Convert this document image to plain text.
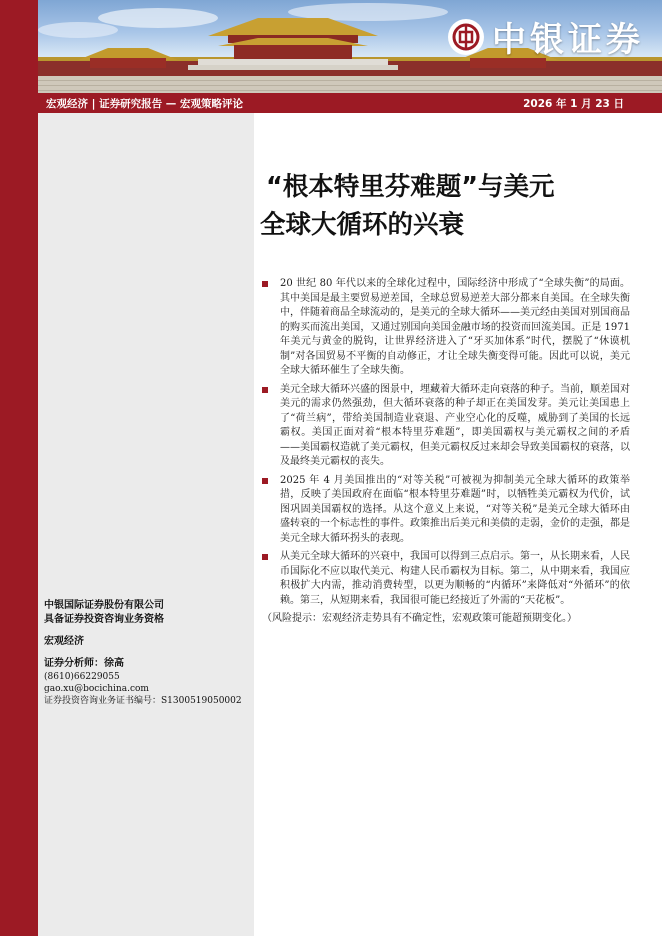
中银证券
宏观经济 | 证券研究报告 — 宏观策略评论	2026 年 1 月 23 日
“根本特里芬难题”与美元
全球大循环的兴衰
20 世纪 80 年代以来的全球化过程中，国际经济中形成了“全球失衡”的局面。其中美国是最主要贸易逆差国，全球总贸易逆差大部分都来自美国。在全球失衡中，伴随着商品全球流动的，是美元的全球大循环——美元经由美国对别国商品的购买而流出美国，又通过别国向美国金融市场的投资而回流美国。正是 1971 年美元与黄金的脱钩，让世界经济进入了“牙买加体系”时代，摆脱了“休谟机制”对各国贸易不平衡的自动修正，才让全球失衡变得可能。因此可以说，美元全球大循环催生了全球失衡。
美元全球大循环兴盛的图景中，埋藏着大循环走向衰落的种子。当前，顺差国对美元的需求仍然强劲，但大循环衰落的种子却正在美国发芽。美元让美国患上了“荷兰病”，带给美国制造业衰退、产业空心化的反噬，威胁到了美国的长远霸权。美国正面对着“根本特里芬难题”，即美国霸权与美元霸权之间的矛盾——美国霸权造就了美元霸权，但美元霸权反过来却会导致美国霸权的衰落，以及最终美元霸权的丧失。
2025 年 4 月美国推出的“对等关税”可被视为抑制美元全球大循环的政策举措，反映了美国政府在面临“根本特里芬难题”时，以牺牲美元霸权为代价，试图巩固美国霸权的选择。从这个意义上来说，“对等关税”是美元全球大循环由盛转衰的一个标志性的事件。政策推出后美元和美债的走弱，金价的走强，都是美元全球大循环拐头的表现。
从美元全球大循环的兴衰中，我国可以得到三点启示。第一，从长期来看，人民币国际化不应以取代美元、构建人民币霸权为目标。第二，从中期来看，我国应积极扩大内需，推动消费转型，以更为顺畅的“内循环”来降低对“外循环”的依赖。第三，从短期来看，我国很可能已经接近了外需的“天花板”。
（风险提示：宏观经济走势具有不确定性，宏观政策可能超预期变化。）
中银国际证券股份有限公司
具备证券投资咨询业务资格
宏观经济
证券分析师：徐高
(8610)66229055
gao.xu@bocichina.com
证券投资咨询业务证书编号：S1300519050002
